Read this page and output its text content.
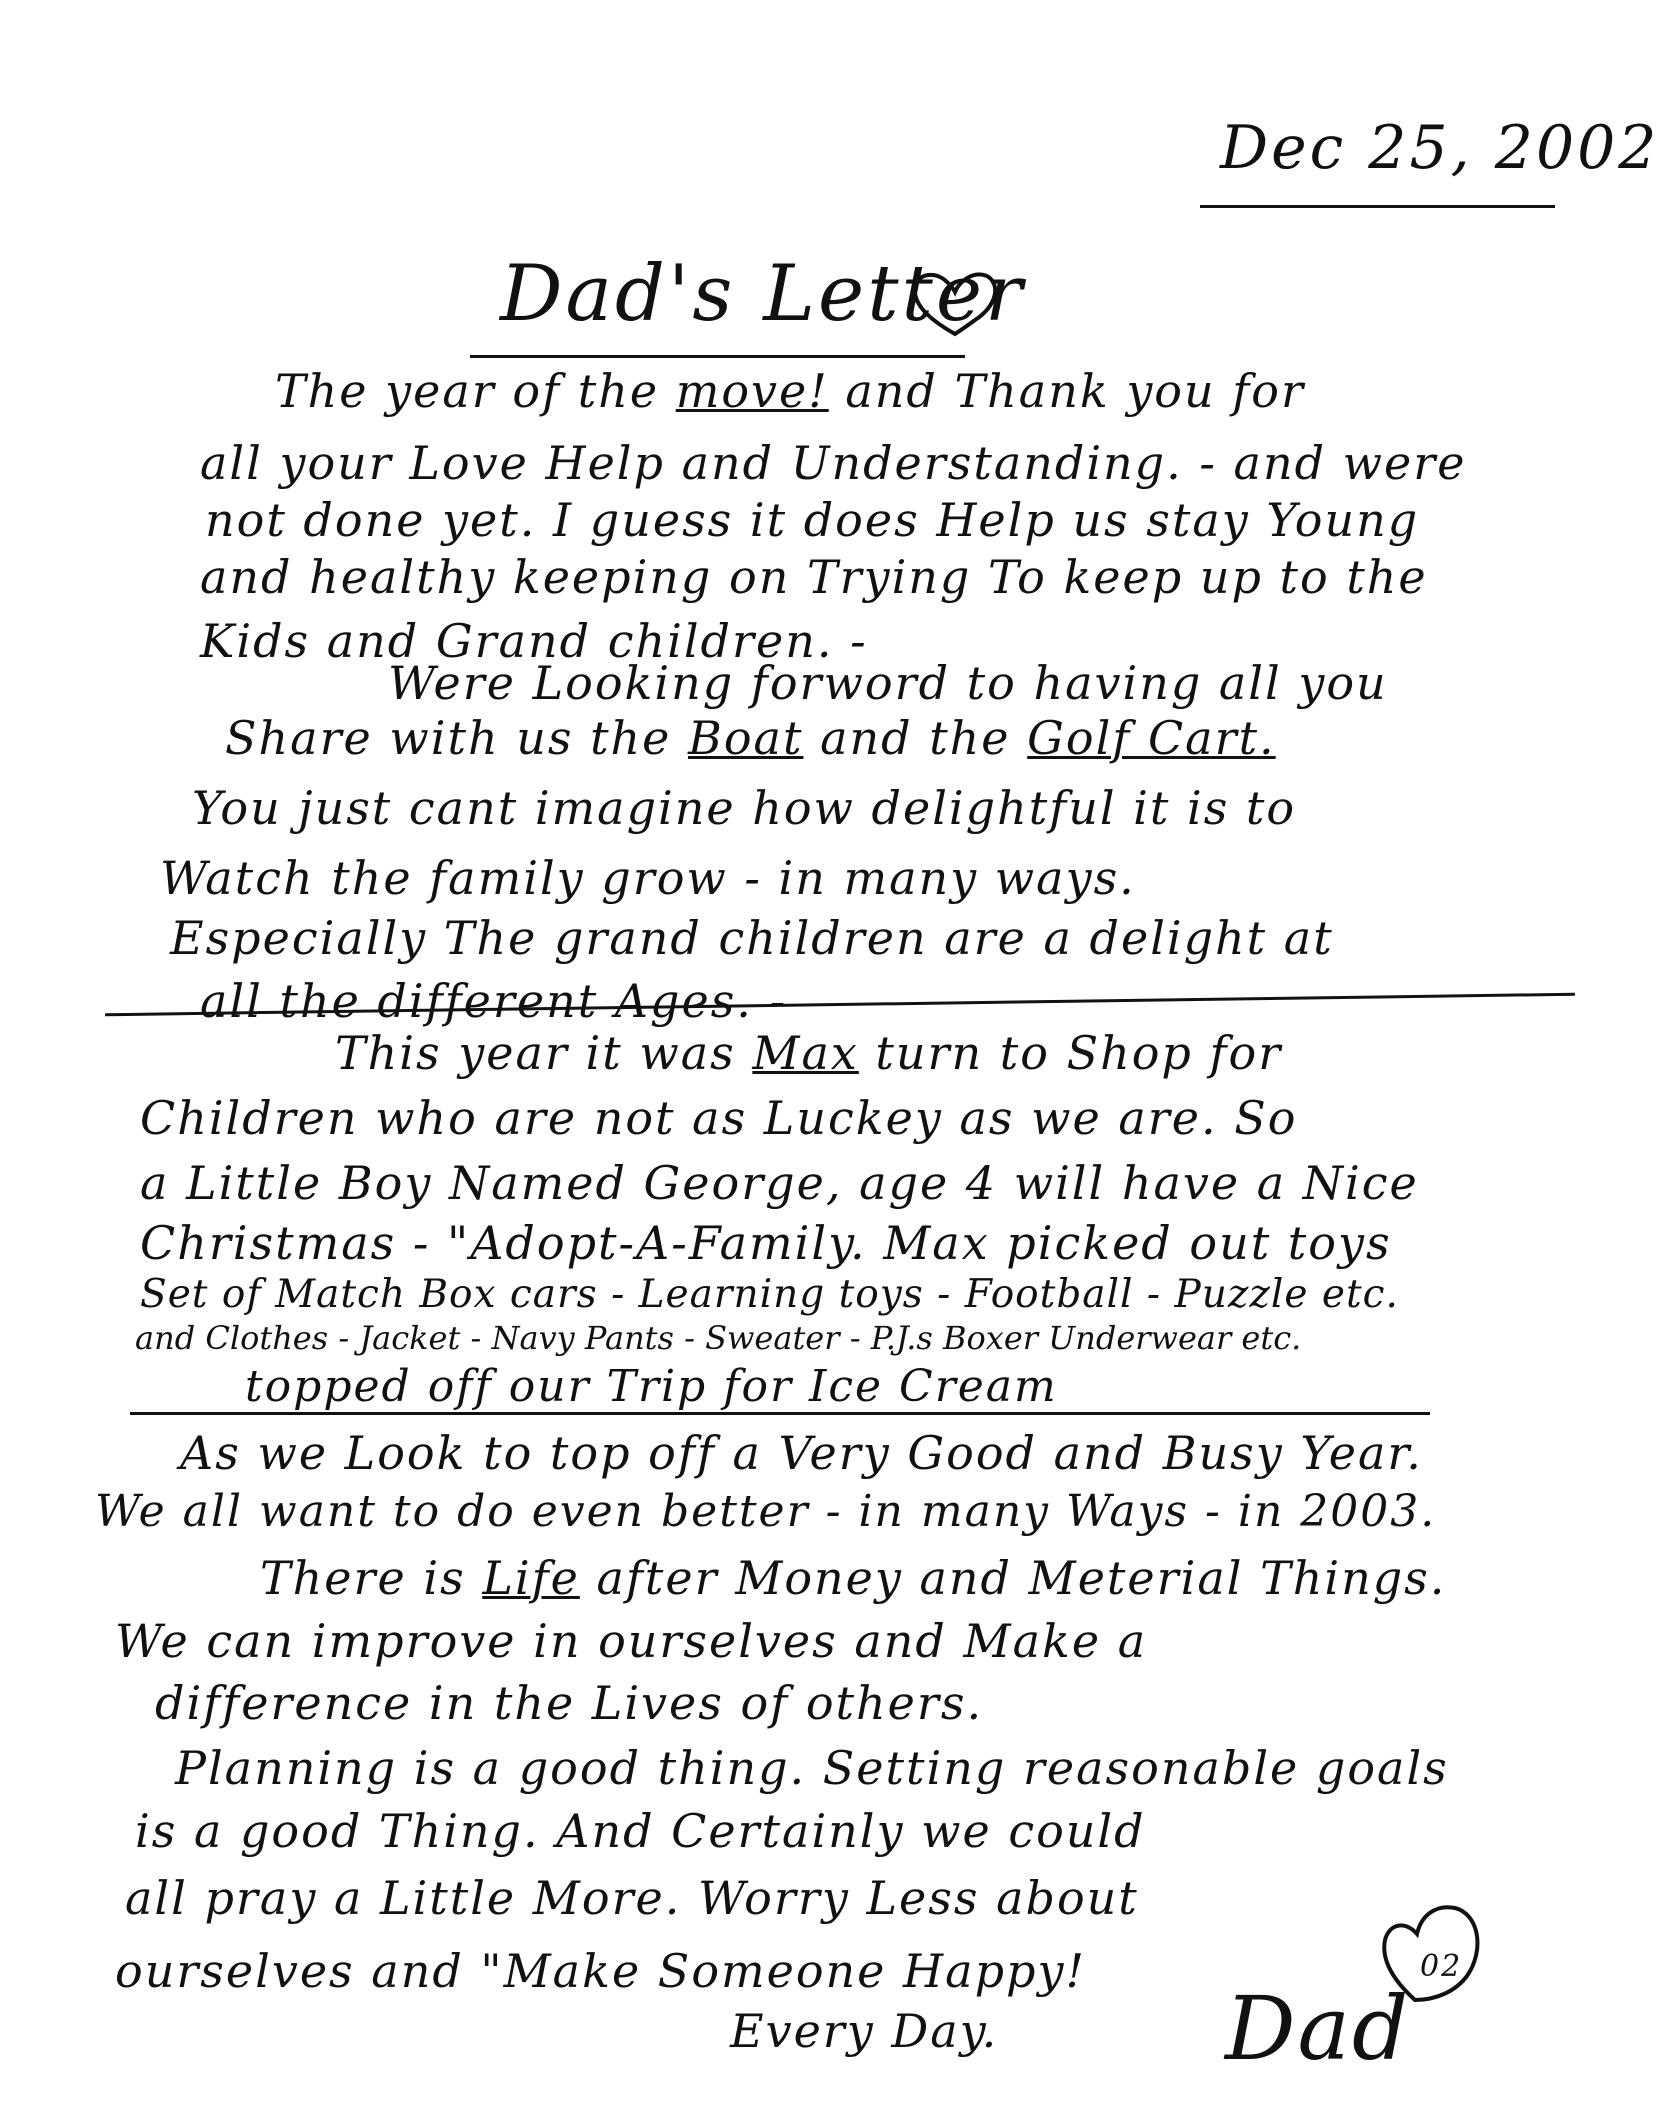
Dec 25, 2002
Dad's Letter
The year of the move! and Thank you for
all your Love Help and Understanding. - and were
not done yet. I guess it does Help us stay Young
and healthy keeping on Trying To keep up to the
Kids and Grand children. -
Were Looking forword to having all you
Share with us the Boat and the Golf Cart.
You just cant imagine how delightful it is to
Watch the family grow - in many ways.
Especially The grand children are a delight at
all the different Ages. -
This year it was Max turn to Shop for
Children who are not as Luckey as we are. So
a Little Boy Named George, age 4 will have a Nice
Christmas - "Adopt-A-Family. Max picked out toys
Set of Match Box cars - Learning toys - Football - Puzzle etc.
and Clothes - Jacket - Navy Pants - Sweater - P.J.s Boxer Underwear etc.
topped off our Trip for Ice Cream
As we Look to top off a Very Good and Busy Year.
We all want to do even better - in many Ways - in 2003.
There is Life after Money and Meterial Things.
We can improve in ourselves and Make a
difference in the Lives of others.
Planning is a good thing. Setting reasonable goals
is a good Thing. And Certainly we could
all pray a Little More. Worry Less about
ourselves and "Make Someone Happy!
Every Day.	Dad
02
